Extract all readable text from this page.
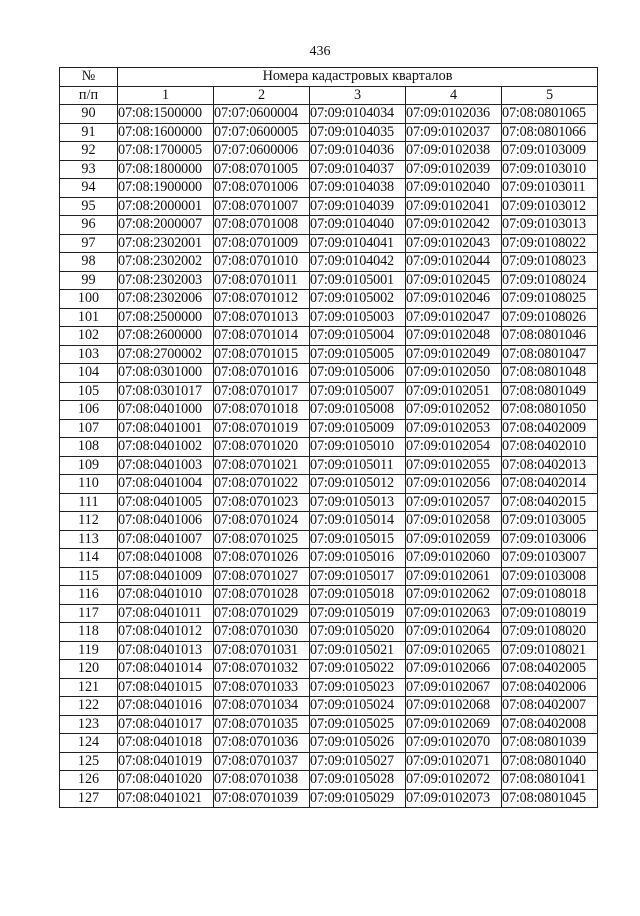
436
№	Номера кадастровых кварталов				
п/п	1	2	3	4	5
90	07:08:1500000	07:07:0600004	07:09:0104034	07:09:0102036	07:08:0801065
91	07:08:1600000	07:07:0600005	07:09:0104035	07:09:0102037	07:08:0801066
92	07:08:1700005	07:07:0600006	07:09:0104036	07:09:0102038	07:09:0103009
93	07:08:1800000	07:08:0701005	07:09:0104037	07:09:0102039	07:09:0103010
94	07:08:1900000	07:08:0701006	07:09:0104038	07:09:0102040	07:09:0103011
95	07:08:2000001	07:08:0701007	07:09:0104039	07:09:0102041	07:09:0103012
96	07:08:2000007	07:08:0701008	07:09:0104040	07:09:0102042	07:09:0103013
97	07:08:2302001	07:08:0701009	07:09:0104041	07:09:0102043	07:09:0108022
98	07:08:2302002	07:08:0701010	07:09:0104042	07:09:0102044	07:09:0108023
99	07:08:2302003	07:08:0701011	07:09:0105001	07:09:0102045	07:09:0108024
100	07:08:2302006	07:08:0701012	07:09:0105002	07:09:0102046	07:09:0108025
101	07:08:2500000	07:08:0701013	07:09:0105003	07:09:0102047	07:09:0108026
102	07:08:2600000	07:08:0701014	07:09:0105004	07:09:0102048	07:08:0801046
103	07:08:2700002	07:08:0701015	07:09:0105005	07:09:0102049	07:08:0801047
104	07:08:0301000	07:08:0701016	07:09:0105006	07:09:0102050	07:08:0801048
105	07:08:0301017	07:08:0701017	07:09:0105007	07:09:0102051	07:08:0801049
106	07:08:0401000	07:08:0701018	07:09:0105008	07:09:0102052	07:08:0801050
107	07:08:0401001	07:08:0701019	07:09:0105009	07:09:0102053	07:08:0402009
108	07:08:0401002	07:08:0701020	07:09:0105010	07:09:0102054	07:08:0402010
109	07:08:0401003	07:08:0701021	07:09:0105011	07:09:0102055	07:08:0402013
110	07:08:0401004	07:08:0701022	07:09:0105012	07:09:0102056	07:08:0402014
111	07:08:0401005	07:08:0701023	07:09:0105013	07:09:0102057	07:08:0402015
112	07:08:0401006	07:08:0701024	07:09:0105014	07:09:0102058	07:09:0103005
113	07:08:0401007	07:08:0701025	07:09:0105015	07:09:0102059	07:09:0103006
114	07:08:0401008	07:08:0701026	07:09:0105016	07:09:0102060	07:09:0103007
115	07:08:0401009	07:08:0701027	07:09:0105017	07:09:0102061	07:09:0103008
116	07:08:0401010	07:08:0701028	07:09:0105018	07:09:0102062	07:09:0108018
117	07:08:0401011	07:08:0701029	07:09:0105019	07:09:0102063	07:09:0108019
118	07:08:0401012	07:08:0701030	07:09:0105020	07:09:0102064	07:09:0108020
119	07:08:0401013	07:08:0701031	07:09:0105021	07:09:0102065	07:09:0108021
120	07:08:0401014	07:08:0701032	07:09:0105022	07:09:0102066	07:08:0402005
121	07:08:0401015	07:08:0701033	07:09:0105023	07:09:0102067	07:08:0402006
122	07:08:0401016	07:08:0701034	07:09:0105024	07:09:0102068	07:08:0402007
123	07:08:0401017	07:08:0701035	07:09:0105025	07:09:0102069	07:08:0402008
124	07:08:0401018	07:08:0701036	07:09:0105026	07:09:0102070	07:08:0801039
125	07:08:0401019	07:08:0701037	07:09:0105027	07:09:0102071	07:08:0801040
126	07:08:0401020	07:08:0701038	07:09:0105028	07:09:0102072	07:08:0801041
127	07:08:0401021	07:08:0701039	07:09:0105029	07:09:0102073	07:08:0801045
